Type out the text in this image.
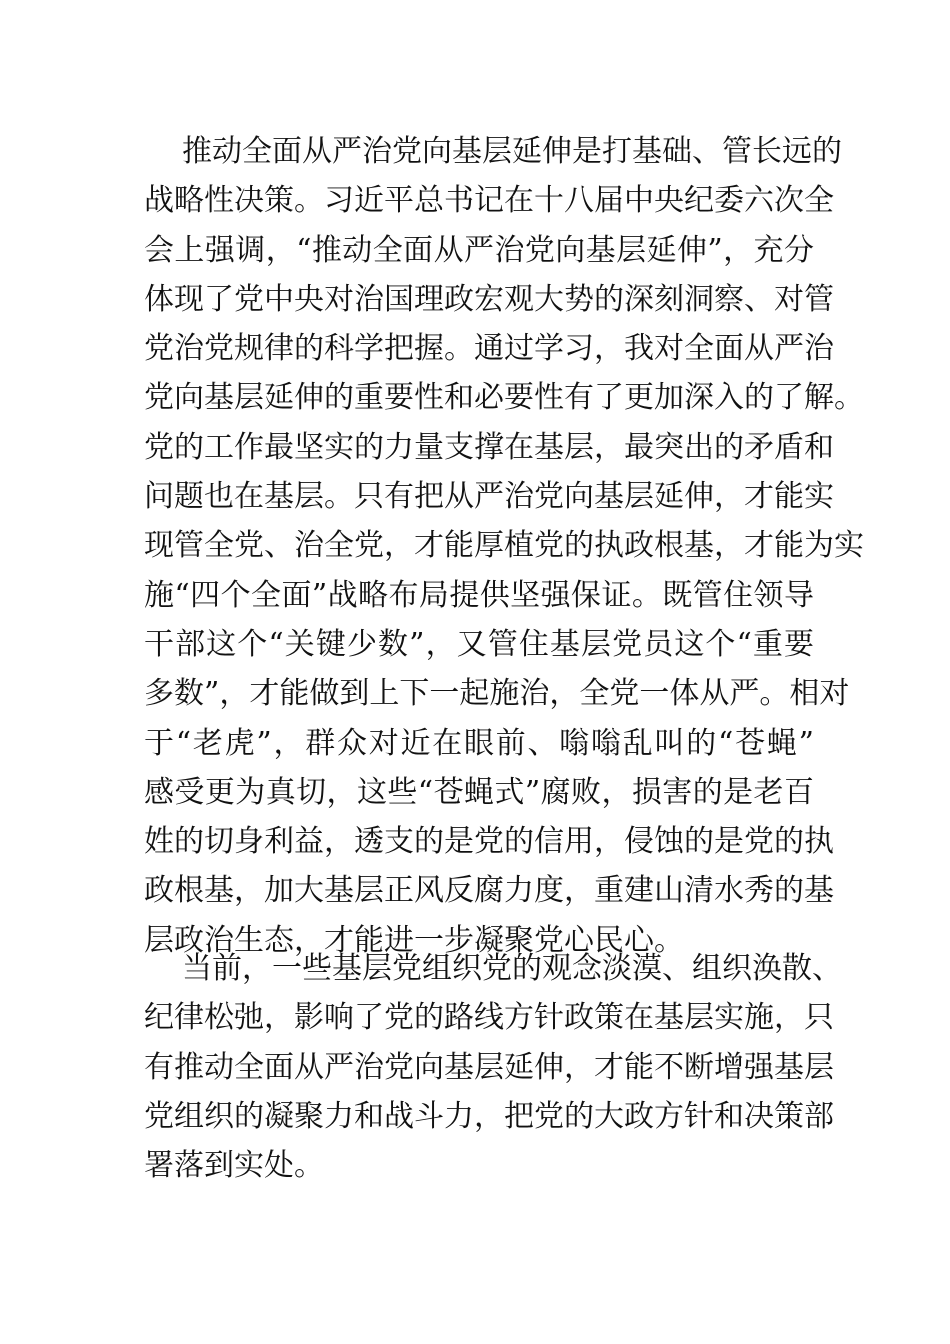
推动全面从严治党向基层延伸是打基础、管长远的
战略性决策。习近平总书记在十八届中央纪委六次全
会上强调，“推动全面从严治党向基层延伸”，充分
体现了党中央对治国理政宏观大势的深刻洞察、对管
党治党规律的科学把握。通过学习，我对全面从严治
党向基层延伸的重要性和必要性有了更加深入的了解。
党的工作最坚实的力量支撑在基层，最突出的矛盾和
问题也在基层。只有把从严治党向基层延伸，才能实
现管全党、治全党，才能厚植党的执政根基，才能为实
施“四个全面”战略布局提供坚强保证。既管住领导
干部这个“关键少数”，又管住基层党员这个“重要
多数”，才能做到上下一起施治，全党一体从严。相对
于“老虎”，群众对近在眼前、嗡嗡乱叫的“苍蝇”
感受更为真切，这些“苍蝇式”腐败，损害的是老百
姓的切身利益，透支的是党的信用，侵蚀的是党的执
政根基，加大基层正风反腐力度，重建山清水秀的基
层政治生态，才能进一步凝聚党心民心。
当前，一些基层党组织党的观念淡漠、组织涣散、
纪律松弛，影响了党的路线方针政策在基层实施，只
有推动全面从严治党向基层延伸，才能不断增强基层
党组织的凝聚力和战斗力，把党的大政方针和决策部
署落到实处。
